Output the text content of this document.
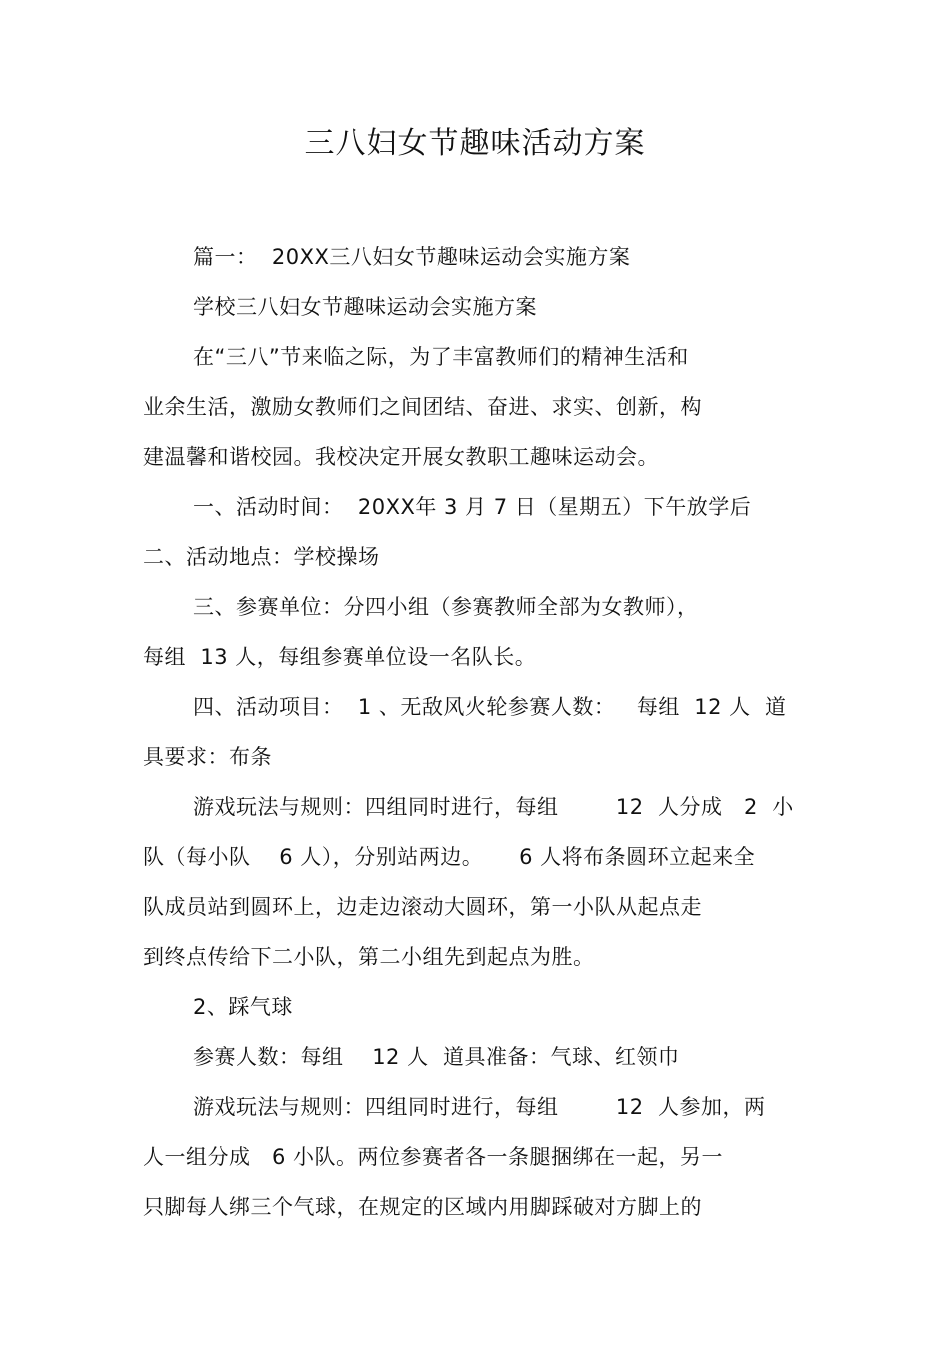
三八妇女节趣味活动方案
篇一：  20XX三八妇女节趣味运动会实施方案
学校三八妇女节趣味运动会实施方案
在“三八”节来临之际，为了丰富教师们的精神生活和
业余生活，激励女教师们之间团结、奋进、求实、创新，构
建温馨和谐校园。我校决定开展女教职工趣味运动会。
一、活动时间：  20XX年 3 月 7 日（星期五）下午放学后
二、活动地点：学校操场
三、参赛单位：分四小组（参赛教师全部为女教师），
每组  13 人，每组参赛单位设一名队长。
四、活动项目：  1 、无敌风火轮参赛人数：   每组  12 人  道
具要求：布条
游戏玩法与规则：四组同时进行，每组        12  人分成   2  小
队（每小队    6 人），分别站两边。     6 人将布条圆环立起来全
队成员站到圆环上，边走边滚动大圆环，第一小队从起点走
到终点传给下二小队，第二小组先到起点为胜。
2、踩气球
参赛人数：每组    12 人  道具准备：气球、红领巾
游戏玩法与规则：四组同时进行，每组        12  人参加，两
人一组分成   6 小队。两位参赛者各一条腿捆绑在一起，另一
只脚每人绑三个气球，在规定的区域内用脚踩破对方脚上的
